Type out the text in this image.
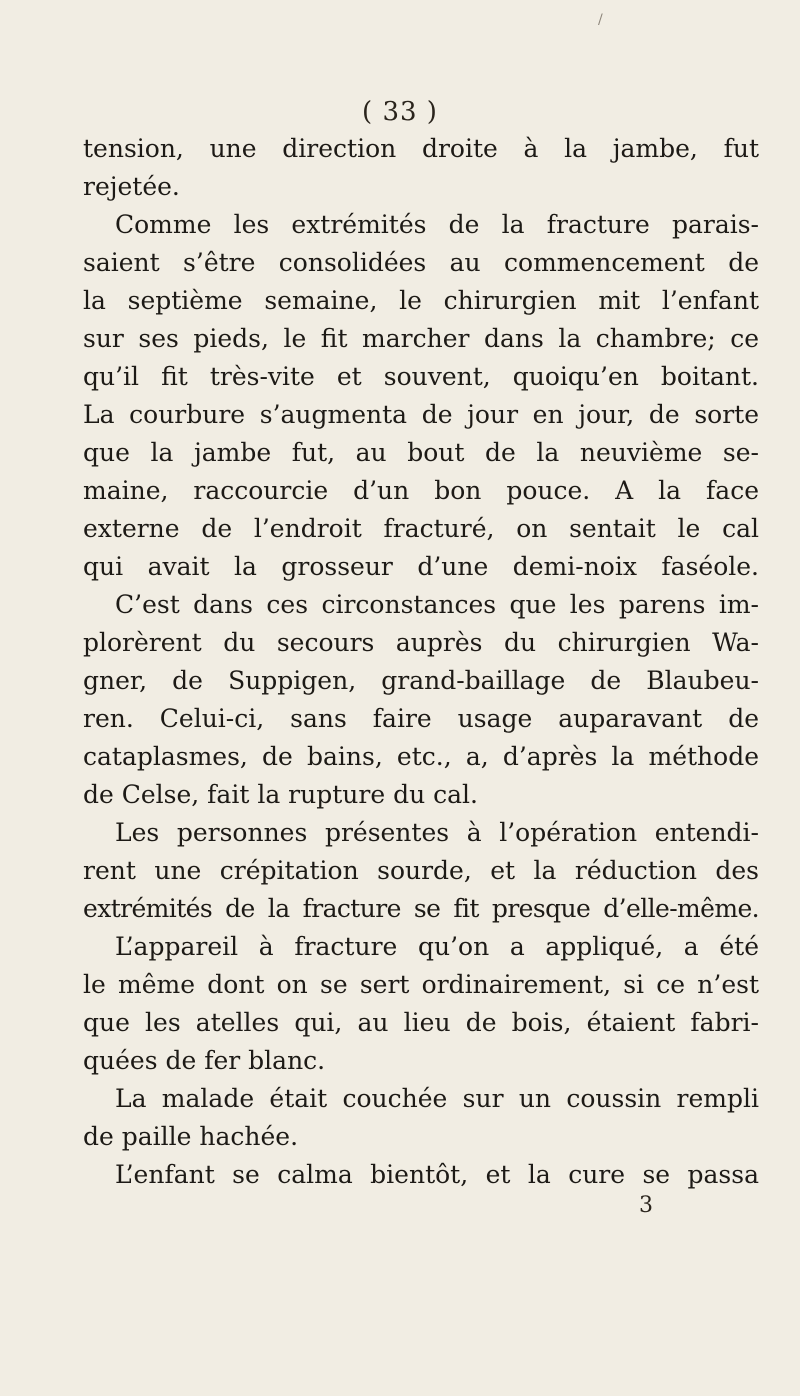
( 33 )
tension, une direction droite à la jambe, fut
rejetée.
Comme les extrémités de la fracture parais-
saient s’être consolidées au commencement de
la septième semaine, le chirurgien mit l’enfant
sur ses pieds, le fit marcher dans la chambre; ce
qu’il fit très-vite et souvent, quoiqu’en boitant.
La courbure s’augmenta de jour en jour, de sorte
que la jambe fut, au bout de la neuvième se-
maine, raccourcie d’un bon pouce. A la face
externe de l’endroit fracturé, on sentait le cal
qui avait la grosseur d’une demi-noix faséole.
C’est dans ces circonstances que les parens im-
plorèrent du secours auprès du chirurgien Wa-
gner, de Suppigen, grand-baillage de Blaubeu-
ren. Celui-ci, sans faire usage auparavant de
cataplasmes, de bains, etc., a, d’après la méthode
de Celse, fait la rupture du cal.
Les personnes présentes à l’opération entendi-
rent une crépitation sourde, et la réduction des
extrémités de la fracture se fit presque d’elle-même.
L’appareil à fracture qu’on a appliqué, a été
le même dont on se sert ordinairement, si ce n’est
que les atelles qui, au lieu de bois, étaient fabri-
quées de fer blanc.
La malade était couchée sur un coussin rempli
de paille hachée.
L’enfant se calma bientôt, et la cure se passa
3
/
